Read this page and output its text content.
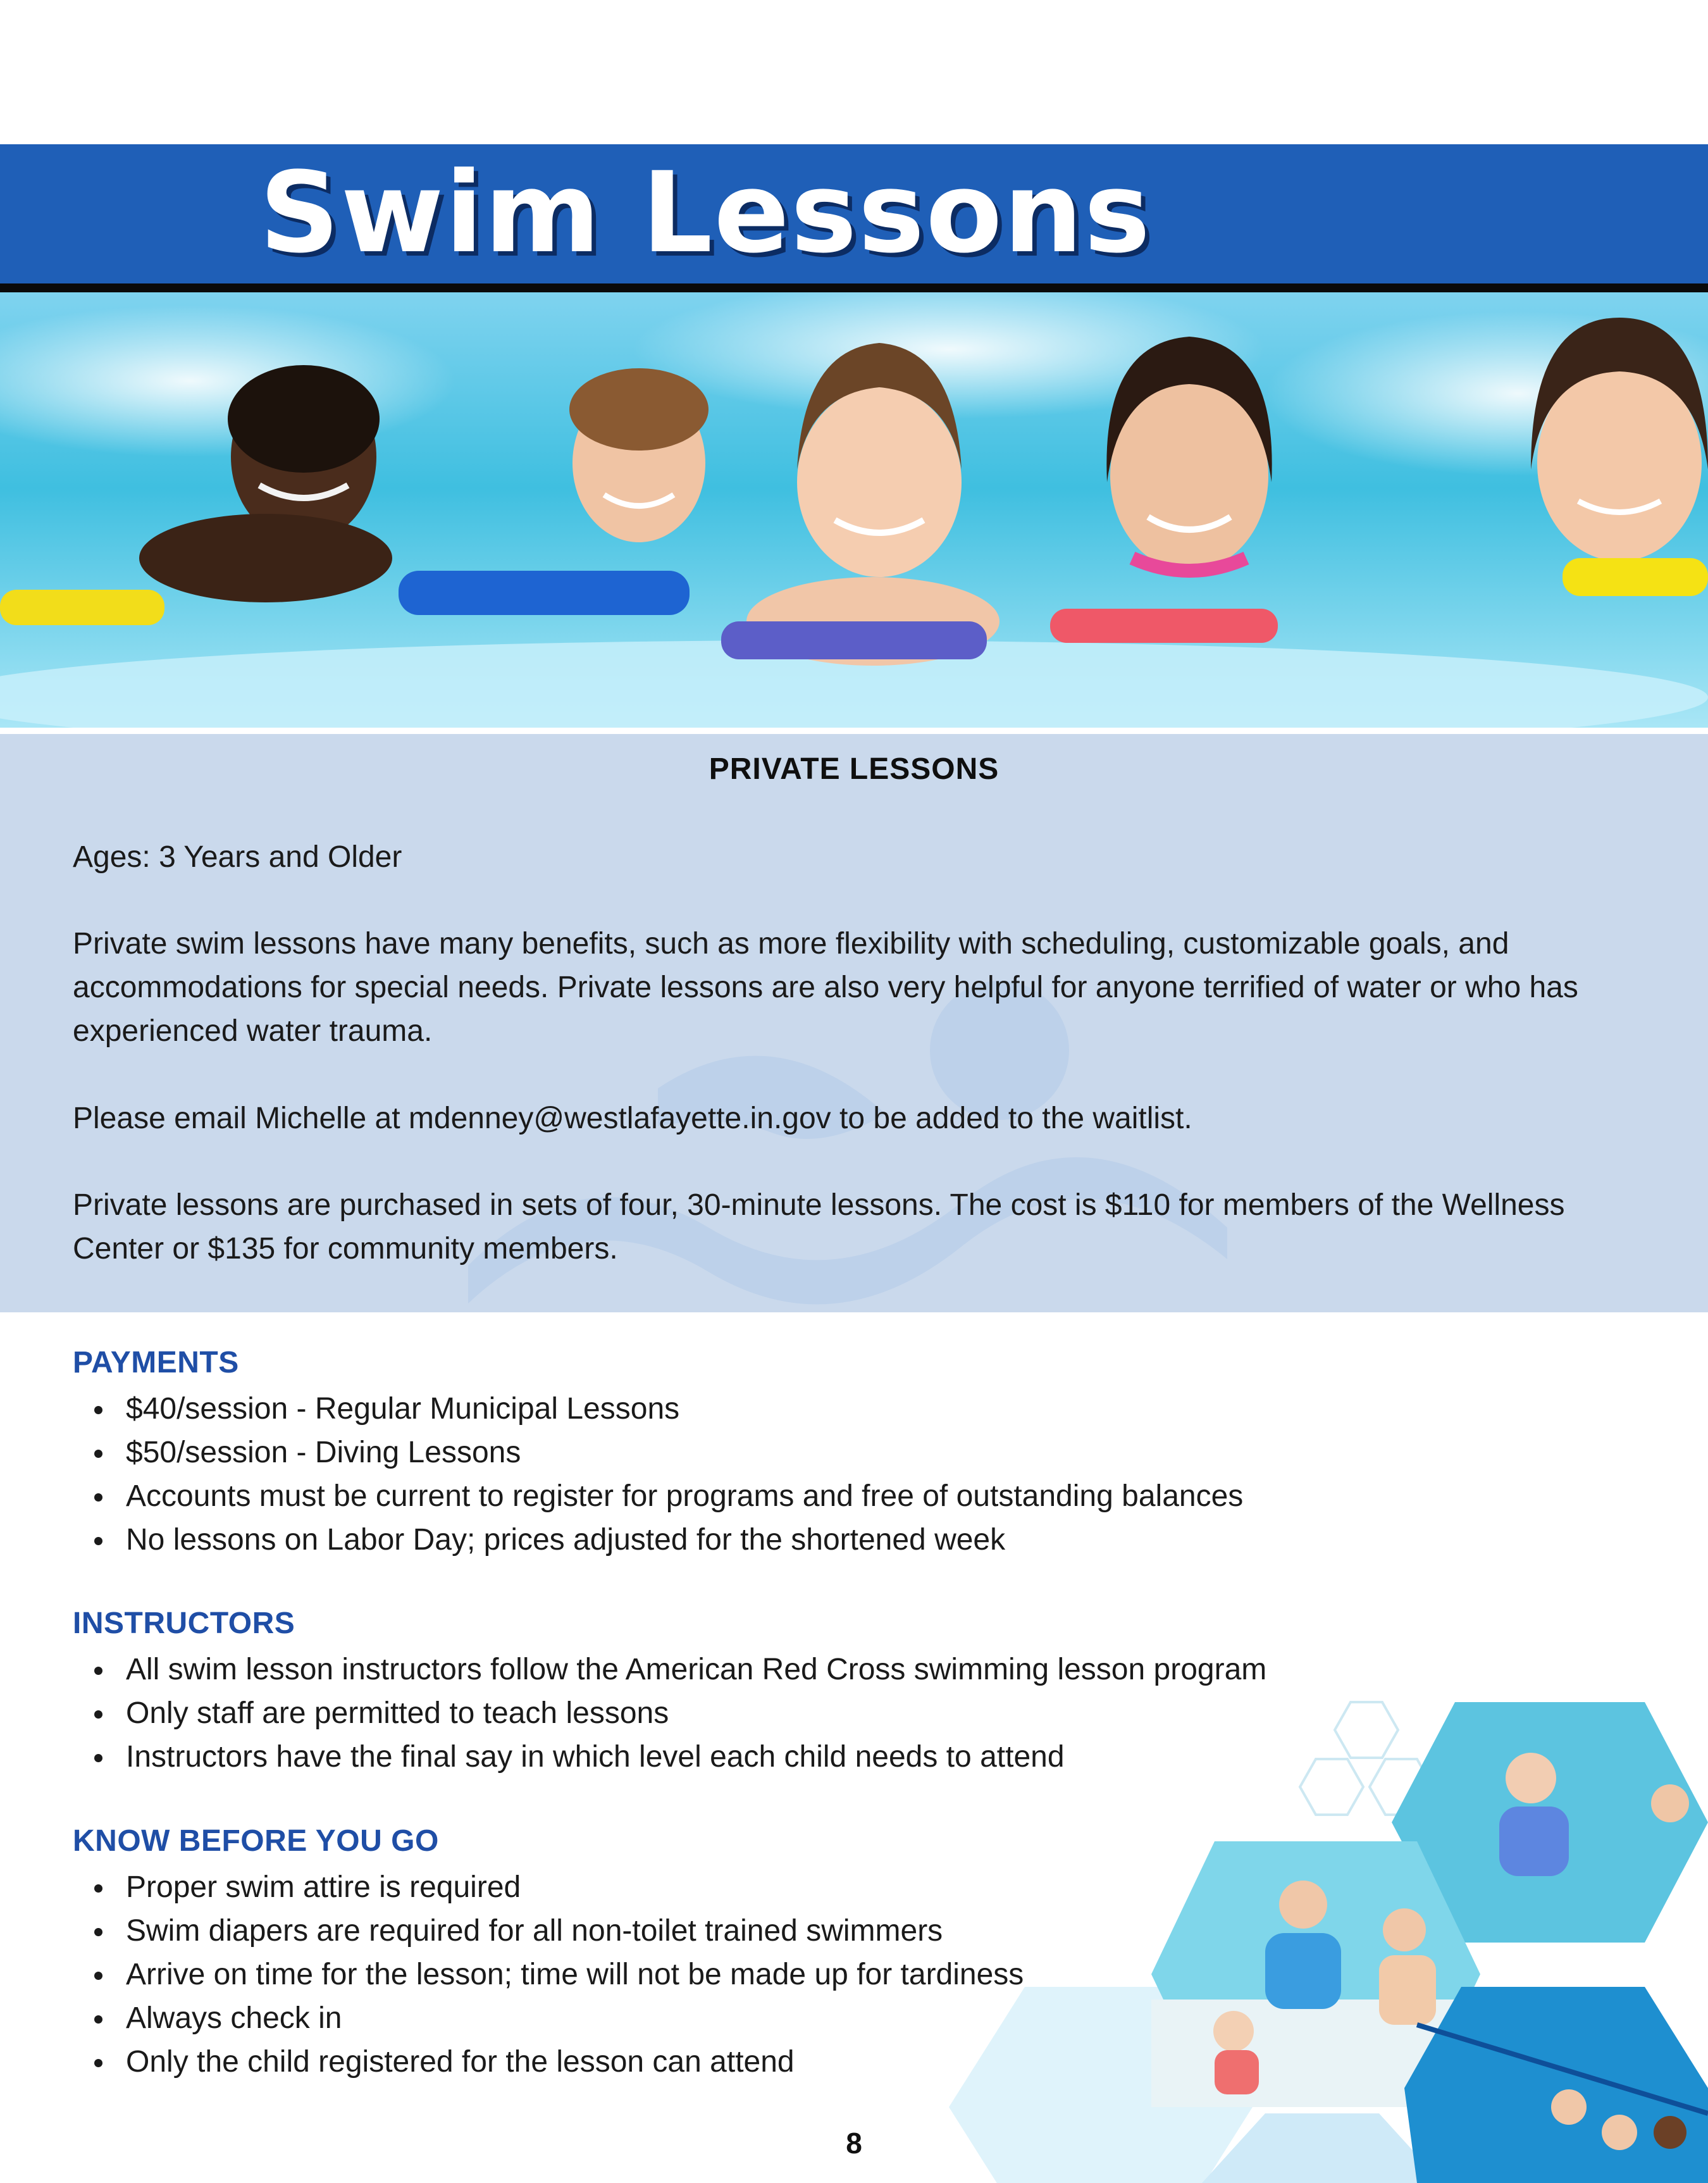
Swim Lessons
PRIVATE LESSONS
Ages: 3 Years and Older
Private swim lessons have many benefits, such as more flexibility with scheduling, customizable goals, and accommodations for special needs. Private lessons are also very helpful for anyone terrified of water or who has experienced water trauma.
Please email Michelle at mdenney@westlafayette.in.gov to be added to the waitlist.
Private lessons are purchased in sets of four, 30-minute lessons. The cost is $110 for members of the Wellness Center or $135 for community members.
PAYMENTS
$40/session - Regular Municipal Lessons
$50/session - Diving Lessons
Accounts must be current to register for programs and free of outstanding balances
No lessons on Labor Day; prices adjusted for the shortened week
INSTRUCTORS
All swim lesson instructors follow the American Red Cross swimming lesson program
Only staff are permitted to teach lessons
Instructors have the final say in which level each child needs to attend
KNOW BEFORE YOU GO
Proper swim attire is required
Swim diapers are required for all non-toilet trained swimmers
Arrive on time for the lesson; time will not be made up for tardiness
Always check in
Only the child registered for the lesson can attend
8
